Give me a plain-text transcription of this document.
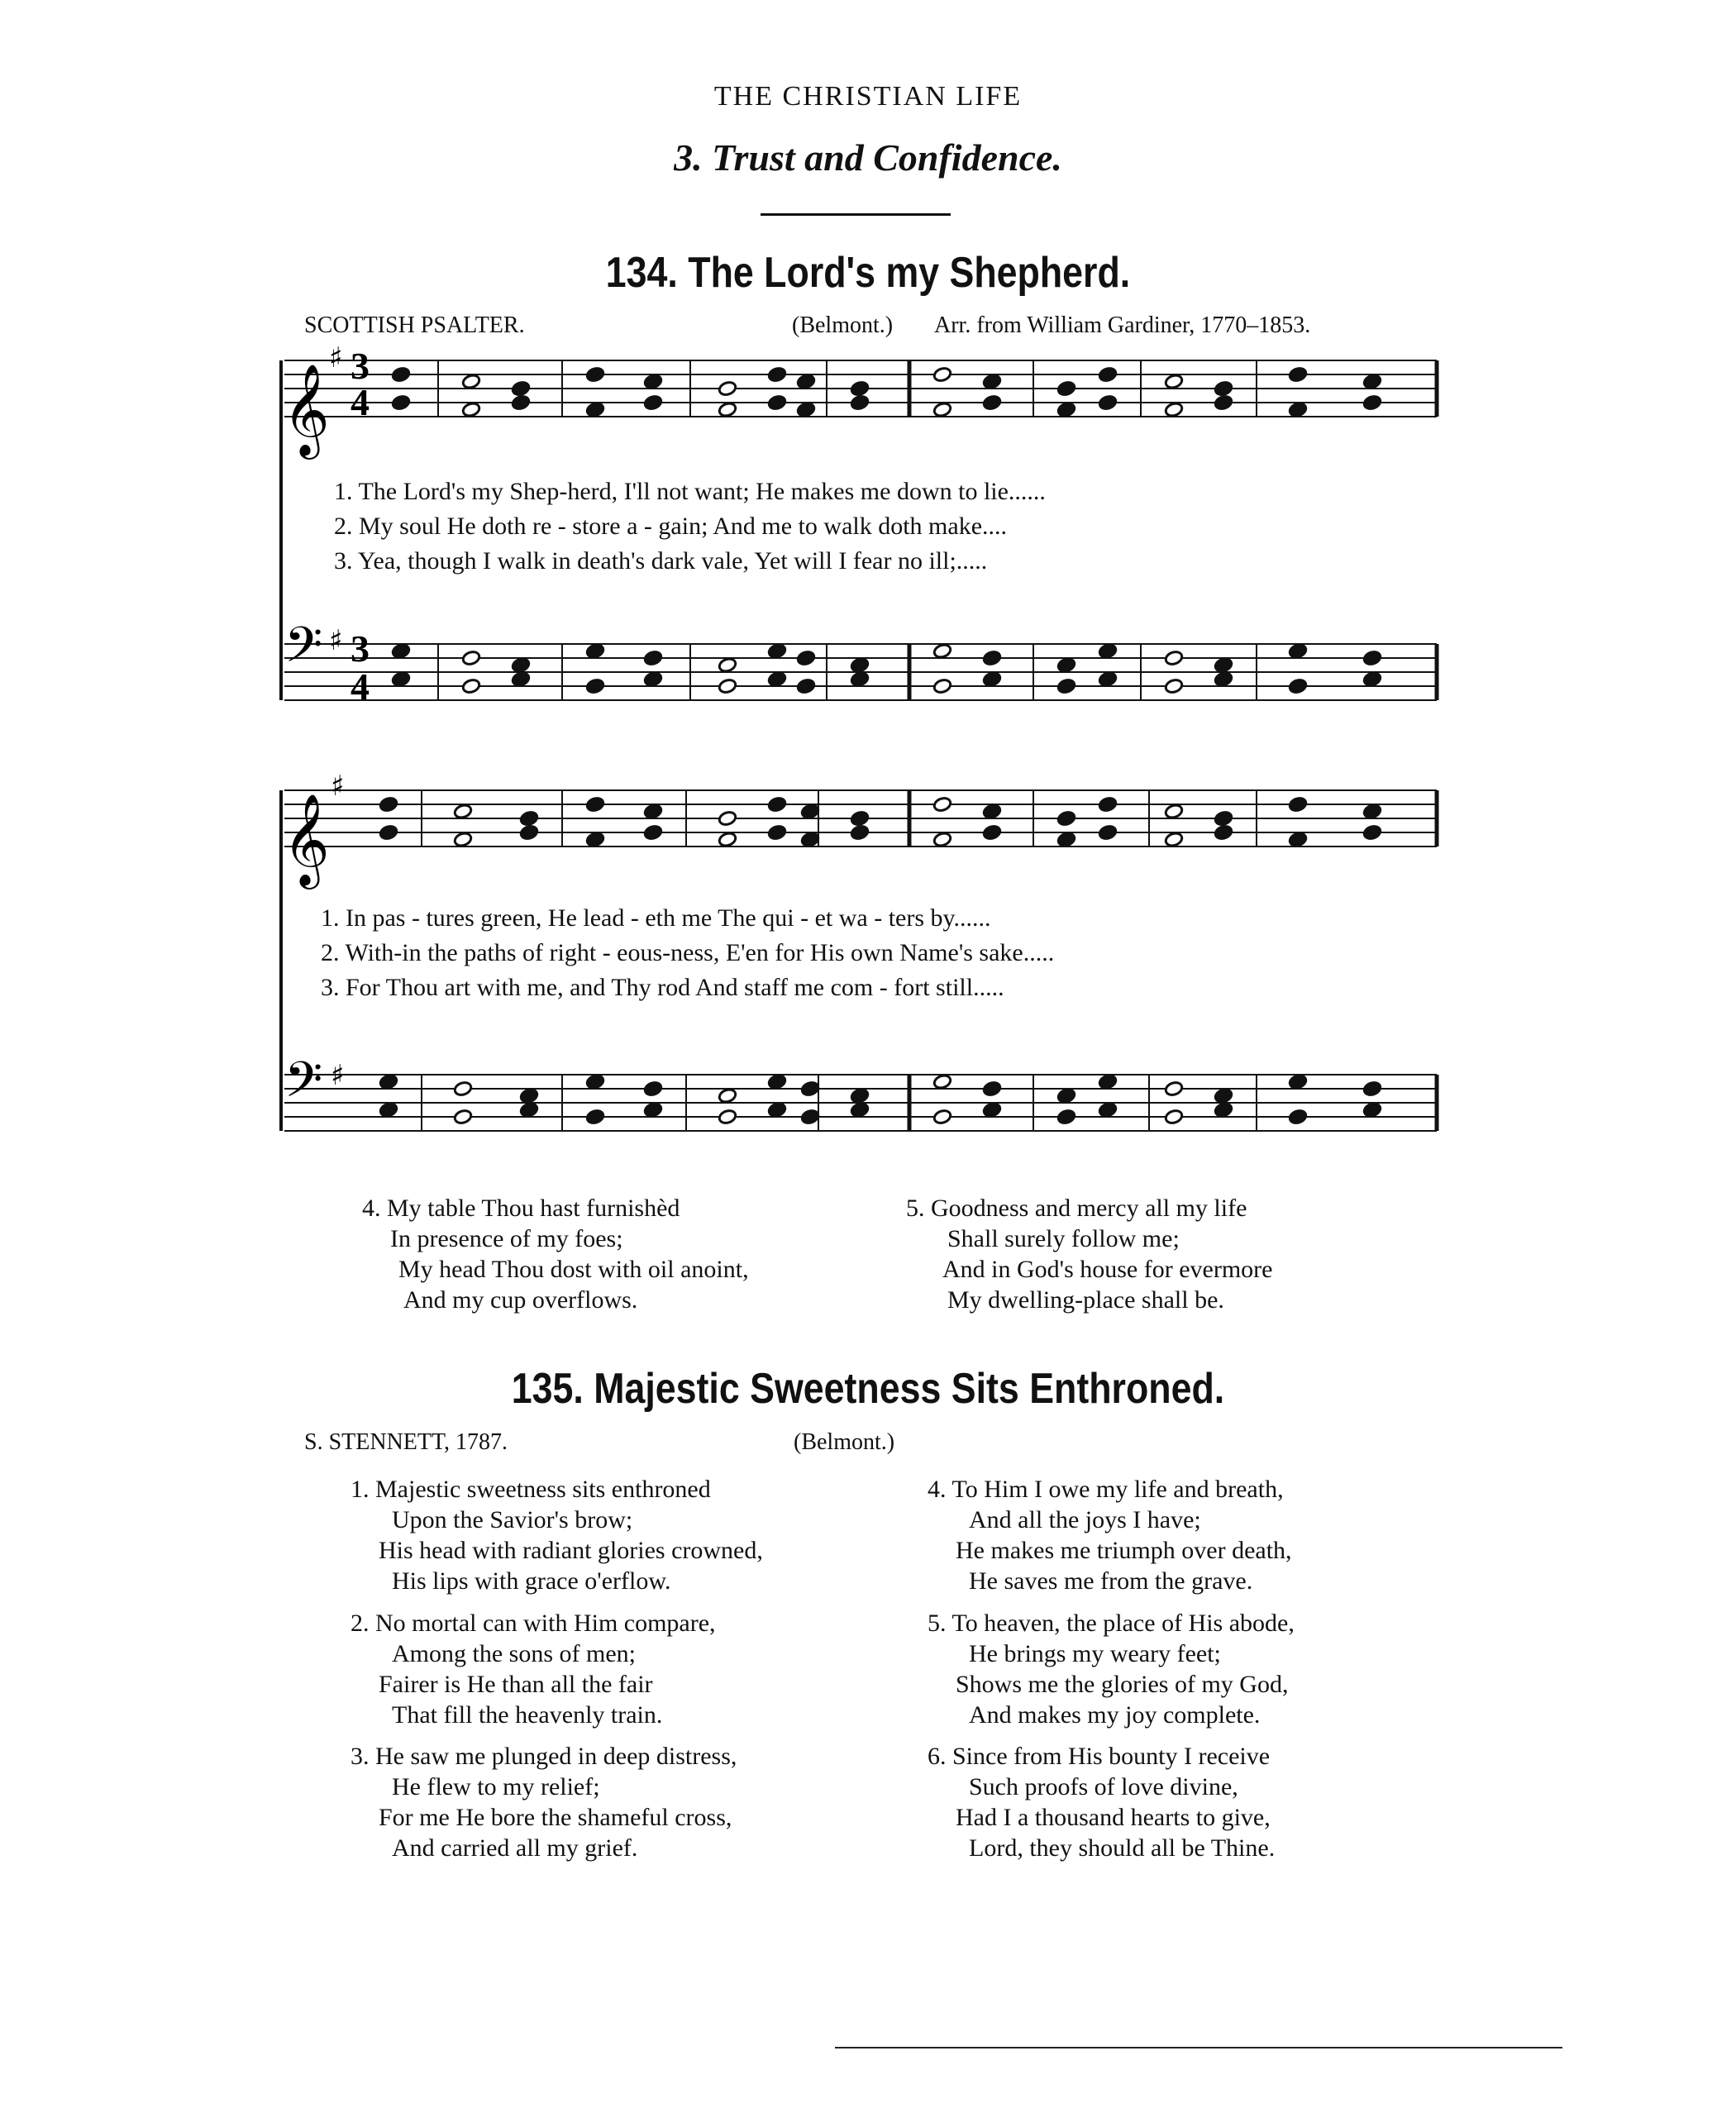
THE CHRISTIAN LIFE
3. Trust and Confidence.
134. The Lord's my Shepherd.
SCOTTISH PSALTER.	(Belmont.) Arr. from William Gardiner, 1770–1853.
𝄞
♯ 3
4
𝄢 ♯ 3
4
𝄞
♯
𝄢 ♯
1. The Lord's my Shep-herd, I'll not want; He makes me down to lie......
2. My soul He doth re - store a - gain; And me to walk doth make....
3. Yea, though I walk in death's dark vale, Yet will I fear no ill;.....
1. In pas - tures green, He lead - eth me The qui - et wa - ters by......
2. With-in the paths of right - eous-ness, E'en for His own Name's sake.....
3. For Thou art with me, and Thy rod And staff me com - fort still.....
4. My table Thou hast furnishèd
In presence of my foes;
My head Thou dost with oil anoint,
And my cup overflows.
5. Goodness and mercy all my life
Shall surely follow me;
And in God's house for evermore
My dwelling-place shall be.
135. Majestic Sweetness Sits Enthroned.
S. STENNETT, 1787.	(Belmont.)
1. Majestic sweetness sits enthroned
Upon the Savior's brow;
His head with radiant glories crowned,
His lips with grace o'erflow.
2. No mortal can with Him compare,
Among the sons of men;
Fairer is He than all the fair
That fill the heavenly train.
3. He saw me plunged in deep distress,
He flew to my relief;
For me He bore the shameful cross,
And carried all my grief.
4. To Him I owe my life and breath,
And all the joys I have;
He makes me triumph over death,
He saves me from the grave.
5. To heaven, the place of His abode,
He brings my weary feet;
Shows me the glories of my God,
And makes my joy complete.
6. Since from His bounty I receive
Such proofs of love divine,
Had I a thousand hearts to give,
Lord, they should all be Thine.
